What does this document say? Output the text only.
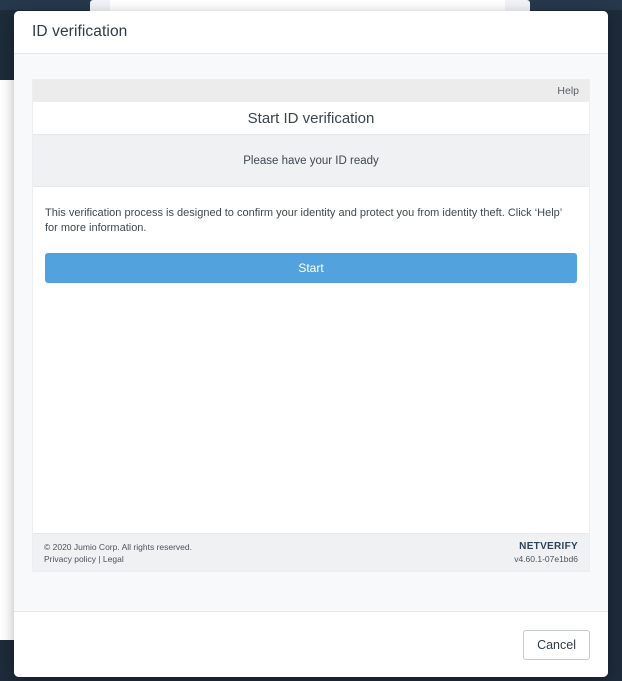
ID verification
Help
Start ID verification
Please have your ID ready

This verification process is designed to confirm your identity and protect you from identity theft. Click ‘Help’ for more information.

Start
© 2020 Jumio Corp. All rights reserved.
Privacy policy | Legal
NETVERIFY
v4.60.1-07e1bd6
Cancel
